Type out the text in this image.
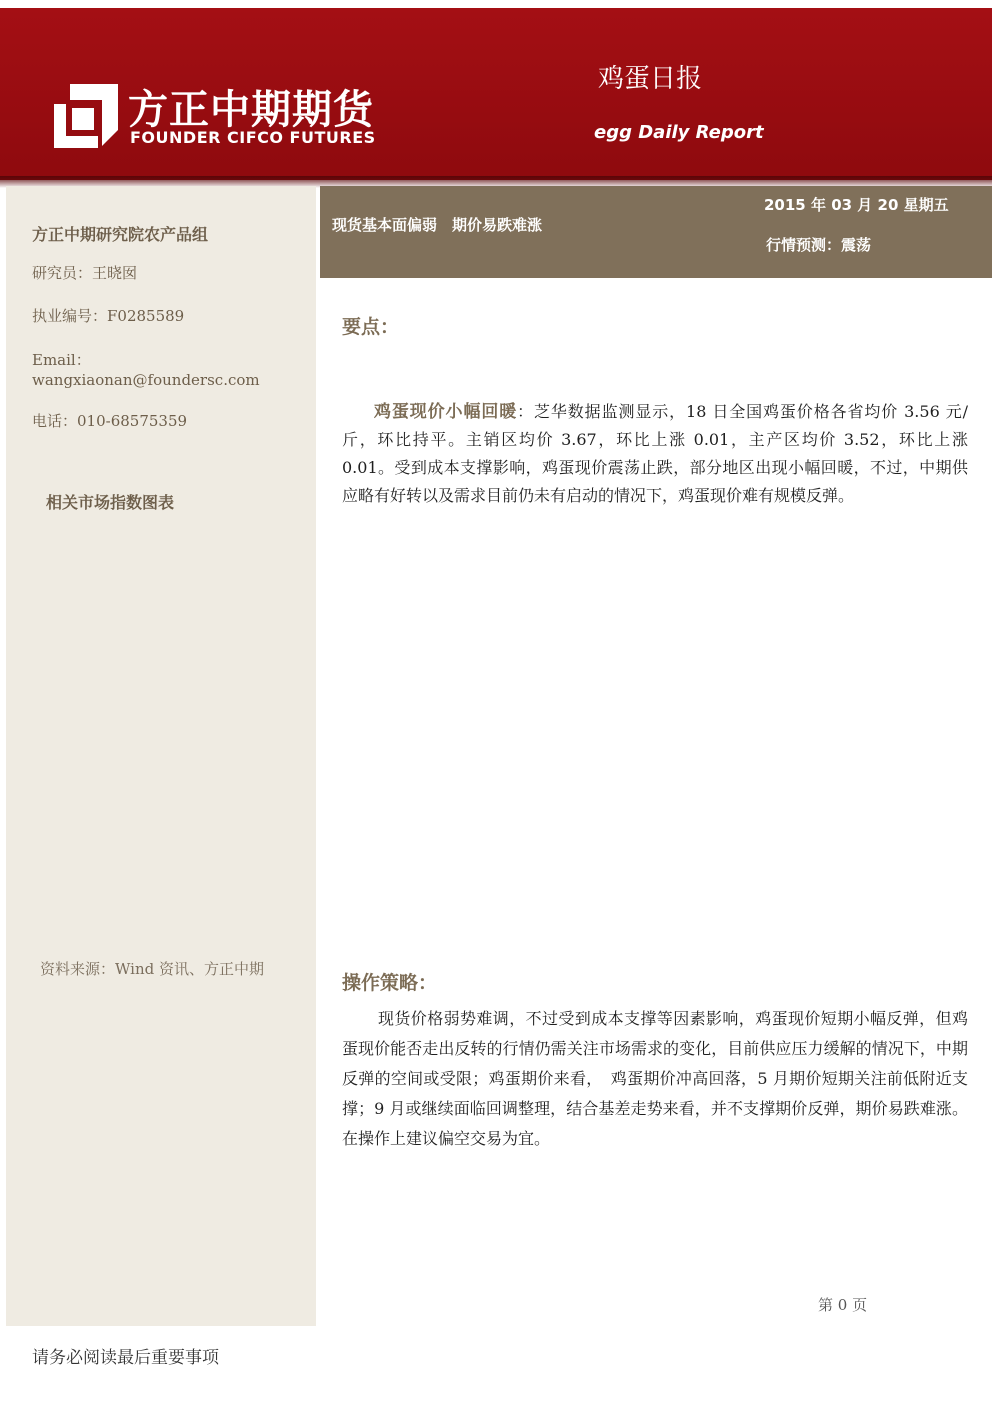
方正中期期货
FOUNDER CIFCO FUTURES
鸡蛋日报
egg Daily Report
方正中期研究院农产品组
研究员：王晓囡
执业编号：F0285589
Email：
wangxiaonan@foundersc.com
电话：010-68575359
相关市场指数图表
资料来源：Wind 资讯、方正中期
现货基本面偏弱　期价易跌难涨
2015 年 03 月 20 星期五
行情预测：震荡
要点：
鸡蛋现价小幅回暖：芝华数据监测显示，18 日全国鸡蛋价格各省均价 3.56 元/斤，环比持平。主销区均价 3.67，环比上涨 0.01，主产区均价 3.52，环比上涨 0.01。受到成本支撑影响，鸡蛋现价震荡止跌，部分地区出现小幅回暖，不过，中期供应略有好转以及需求目前仍未有启动的情况下，鸡蛋现价难有规模反弹。
操作策略：
现货价格弱势难调，不过受到成本支撑等因素影响，鸡蛋现价短期小幅反弹，但鸡蛋现价能否走出反转的行情仍需关注市场需求的变化，目前供应压力缓解的情况下，中期反弹的空间或受限；鸡蛋期价来看，　鸡蛋期价冲高回落，5 月期价短期关注前低附近支撑；9 月或继续面临回调整理，结合基差走势来看，并不支撑期价反弹，期价易跌难涨。在操作上建议偏空交易为宜。
第 0 页
请务必阅读最后重要事项
